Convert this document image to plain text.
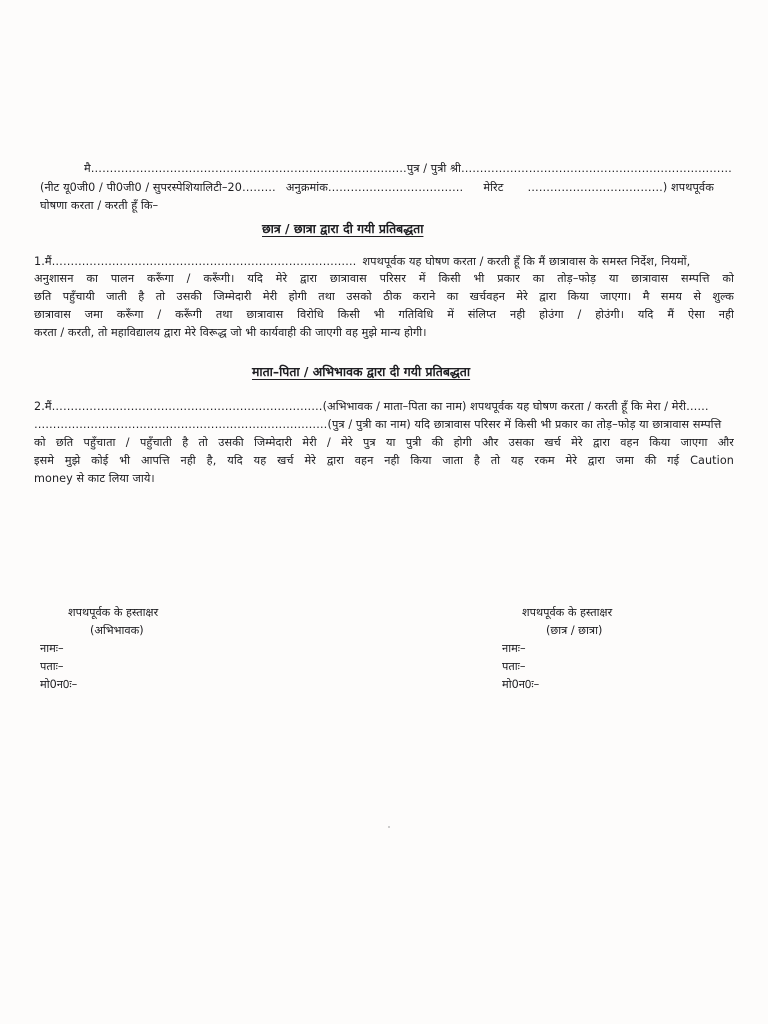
मै…………………………………………………………………………पुत्र / पुत्री श्री………………………………………………………………
(नीट यू0जी0 / पी0जी0 / सुपरस्पेशियालिटी–20……… अनुक्रमांक……………………………… मेरिट ………………………………) शपथपूर्वक
घोषणा करता / करती हूँ कि–
छात्र / छात्रा द्वारा दी गयी प्रतिबद्धता
1.मैं……………………………………………………………………… शपथपूर्वक यह घोषण करता / करती हूँ कि मैं छात्रावास के समस्त निर्देश, नियमों,
अनुशासन का पालन करूँगा / करूँगी। यदि मेरे द्वारा छात्रावास परिसर में किसी भी प्रकार का तोड़–फोड़ या छात्रावास सम्पत्ति को
छति पहुँचायी जाती है तो उसकी जिम्मेदारी मेरी होगी तथा उसको ठीक कराने का खर्चवहन मेरे द्वारा किया जाएगा। मै समय से शुल्क
छात्रावास जमा करूँगा / करूँगी तथा छात्रावास विरोधि किसी भी गतिविधि में संलिप्त नही होउंगा / होउंगी। यदि मैं ऐसा नही
करता / करती, तो महाविद्यालय द्वारा मेरे विरूद्ध जो भी कार्यवाही की जाएगी वह मुझे मान्य होगी।
माता–पिता / अभिभावक द्वारा दी गयी प्रतिबद्धता
2.मैं………………………………………………………………(अभिभावक / माता–पिता का नाम) शपथपूर्वक यह घोषण करता / करती हूँ कि मेरा / मेरी……
……………………………………………………………………(पुत्र / पुत्री का नाम) यदि छात्रावास परिसर में किसी भी प्रकार का तोड़–फोड़ या छात्रावास सम्पत्ति
को छति पहुँचाता / पहुँचाती है तो उसकी जिम्मेदारी मेरी / मेरे पुत्र या पुत्री की होगी और उसका खर्च मेरे द्वारा वहन किया जाएगा और
इसमे मुझे कोई भी आपत्ति नही है, यदि यह खर्च मेरे द्वारा वहन नही किया जाता है तो यह रकम मेरे द्वारा जमा की गई Caution
money से काट लिया जाये।
शपथपूर्वक के हस्ताक्षर
(अभिभावक)
नामः–
पताः–
मो0न0ः–
शपथपूर्वक के हस्ताक्षर
(छात्र / छात्रा)
नामः–
पताः–
मो0न0ः–
